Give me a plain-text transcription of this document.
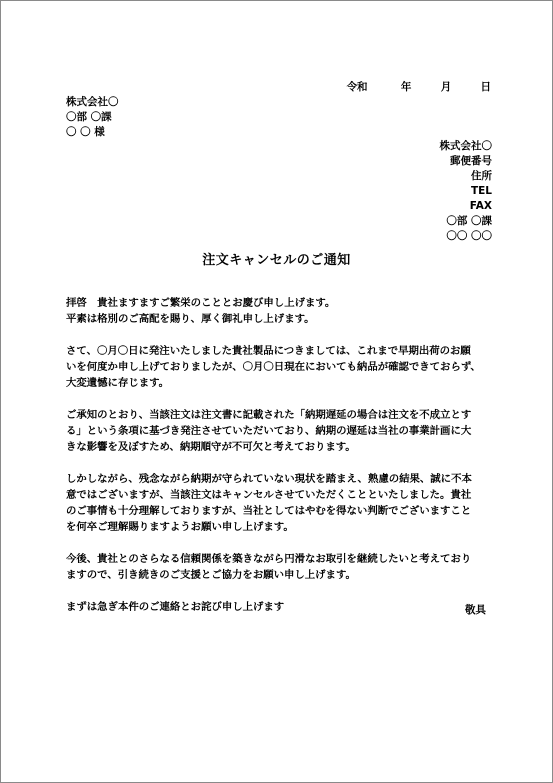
令和	年	月	日
株式会社〇
〇部 〇課
〇 〇 様
株式会社〇
郵便番号
住所
TEL
FAX
〇部 〇課
〇〇 〇〇
注文キャンセルのご通知
拝啓　貴社ますますご繁栄のこととお慶び申し上げます。
平素は格別のご高配を賜り、厚く御礼申し上げます。
さて、〇月〇日に発注いたしました貴社製品につきましては、これまで早期出荷のお願
いを何度か申し上げておりましたが、〇月〇日現在においても納品が確認できておらず、
大変遺憾に存じます。
ご承知のとおり、当該注文は注文書に記載された「納期遅延の場合は注文を不成立とす
る」という条項に基づき発注させていただいており、納期の遅延は当社の事業計画に大
きな影響を及ぼすため、納期順守が不可欠と考えております。
しかしながら、残念ながら納期が守られていない現状を踏まえ、熟慮の結果、誠に不本
意ではございますが、当該注文はキャンセルさせていただくことといたしました。貴社
のご事情も十分理解しておりますが、当社としてはやむを得ない判断でございますこと
を何卒ご理解賜りますようお願い申し上げます。
今後、貴社とのさらなる信頼関係を築きながら円滑なお取引を継続したいと考えており
ますので、引き続きのご支援とご協力をお願い申し上げます。
まずは急ぎ本件のご連絡とお詫び申し上げます	敬具
